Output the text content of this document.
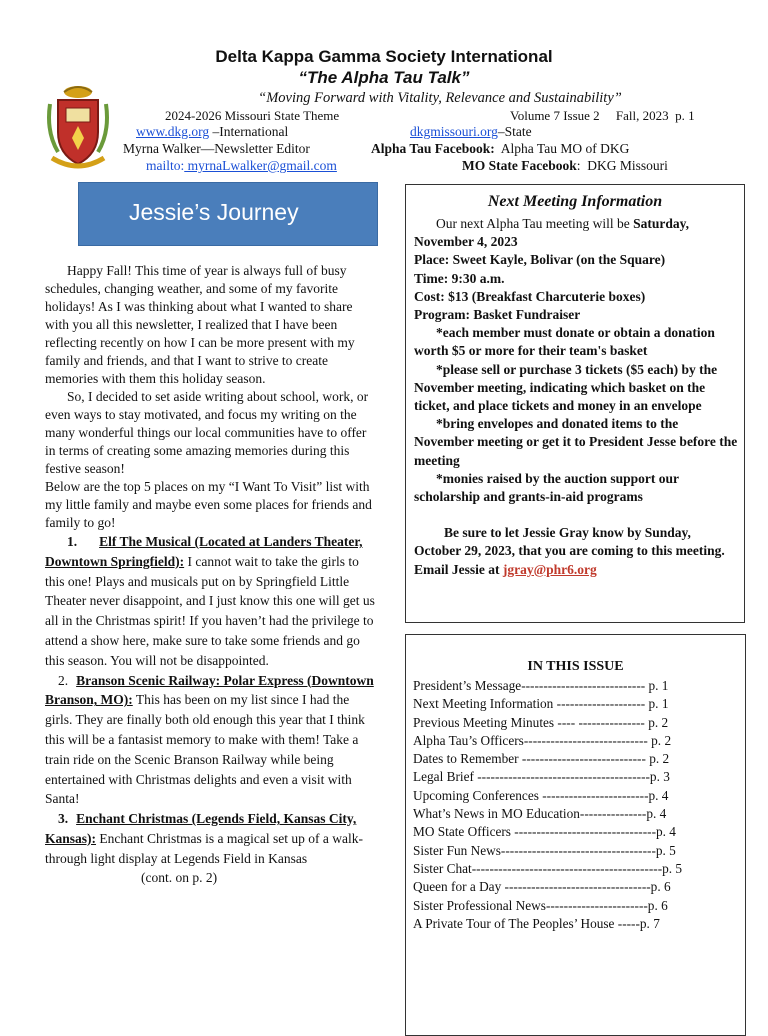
Delta Kappa Gamma Society International
“The Alpha Tau Talk”
“Moving Forward with Vitality, Relevance and Sustainability”
2024-2026 Missouri State Theme	Volume 7 Issue 2     Fall, 2023  p. 1
www.dkg.org –International	dkgmissouri.org–State
Myrna Walker—Newsletter Editor	Alpha Tau Facebook:  Alpha Tau MO of DKG
mailto: myrnaLwalker@gmail.com	MO State Facebook:  DKG Missouri
Jessie’s Journey

Happy Fall! This time of year is always full of busy schedules, changing weather, and some of my favorite holidays! As I was thinking about what I wanted to share with you all this newsletter, I realized that I have been reflecting recently on how I can be more present with my family and friends, and that I want to strive to create memories with them this holiday season.

So, I decided to set aside writing about school, work, or even ways to stay motivated, and focus my writing on the many wonderful things our local communities have to offer in terms of creating some amazing memories during this festive season!

Below are the top 5 places on my “I Want To Visit” list with my little family and maybe even some places for friends and family to go!

1. Elf The Musical (Located at Landers Theater, Downtown Springfield): I cannot wait to take the girls to this one! Plays and musicals put on by Springfield Little Theater never disappoint, and I just know this one will get us all in the Christmas spirit! If you haven’t had the privilege to attend a show here, make sure to take some friends and go this season. You will not be disappointed.

2. Branson Scenic Railway: Polar Express (Downtown Branson, MO): This has been on my list since I had the girls. They are finally both old enough this year that I think this will be a fantasist memory to make with them! Take a train ride on the Scenic Branson Railway while being entertained with Christmas delights and even a visit with Santa!

3. Enchant Christmas (Legends Field, Kansas City, Kansas): Enchant Christmas is a magical set up of a walk-through light display at Legends Field in Kansas

(cont. on p. 2)

Next Meeting Information

Our next Alpha Tau meeting will be Saturday, November 4, 2023

Place: Sweet Kayle, Bolivar (on the Square)

Time: 9:30 a.m.

Cost: $13 (Breakfast Charcuterie boxes)

Program: Basket Fundraiser

*each member must donate or obtain a donation worth $5 or more for their team's basket

*please sell or purchase 3 tickets ($5 each) by the November meeting, indicating which basket on the ticket, and place tickets and money in an envelope

*bring envelopes and donated items to the November meeting or get it to President Jesse before the meeting

*monies raised by the auction support our scholarship and grants-in-aid programs

Be sure to let Jessie Gray know by Sunday, October 29, 2023, that you are coming to this meeting. Email Jessie at jgray@phr6.org

IN THIS ISSUE
President’s Message---------------------------- p. 1
Next Meeting Information -------------------- p. 1
Previous Meeting Minutes ---- --------------- p. 2
Alpha Tau’s Officers---------------------------- p. 2
Dates to Remember ---------------------------- p. 2
Legal Brief ---------------------------------------p. 3
Upcoming Conferences ------------------------p. 4
What’s News in MO Education---------------p. 4
MO State Officers --------------------------------p. 4
Sister Fun News-----------------------------------p. 5
Sister Chat-------------------------------------------p. 5
Queen for a Day ---------------------------------p. 6
Sister Professional News-----------------------p. 6
A Private Tour of The Peoples’ House -----p. 7
